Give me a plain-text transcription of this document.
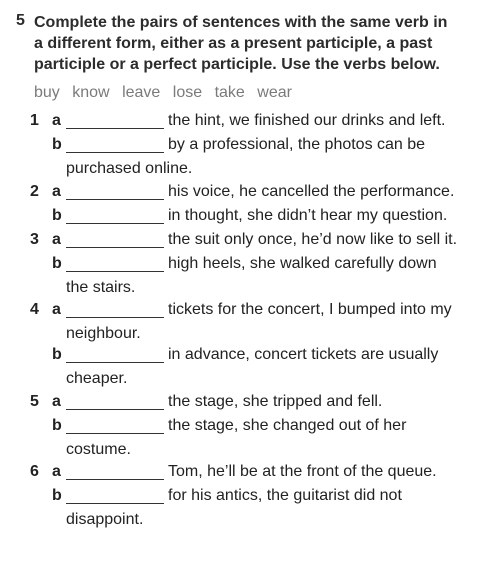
5 Complete the pairs of sentences with the same verb in a different form, either as a present participle, a past participle or a perfect participle. Use the verbs below.
buy know leave lose take wear
1 a	the hint, we finished our drinks and left.
b	by a professional, the photos can be
purchased online.
2 a	his voice, he cancelled the performance.
b	in thought, she didn’t hear my question.
3 a	the suit only once, he’d now like to sell it.
b	high heels, she walked carefully down
the stairs.
4 a	tickets for the concert, I bumped into my
neighbour.
b	in advance, concert tickets are usually
cheaper.
5 a	the stage, she tripped and fell.
b	the stage, she changed out of her
costume.
6 a	Tom, he’ll be at the front of the queue.
b	for his antics, the guitarist did not
disappoint.
